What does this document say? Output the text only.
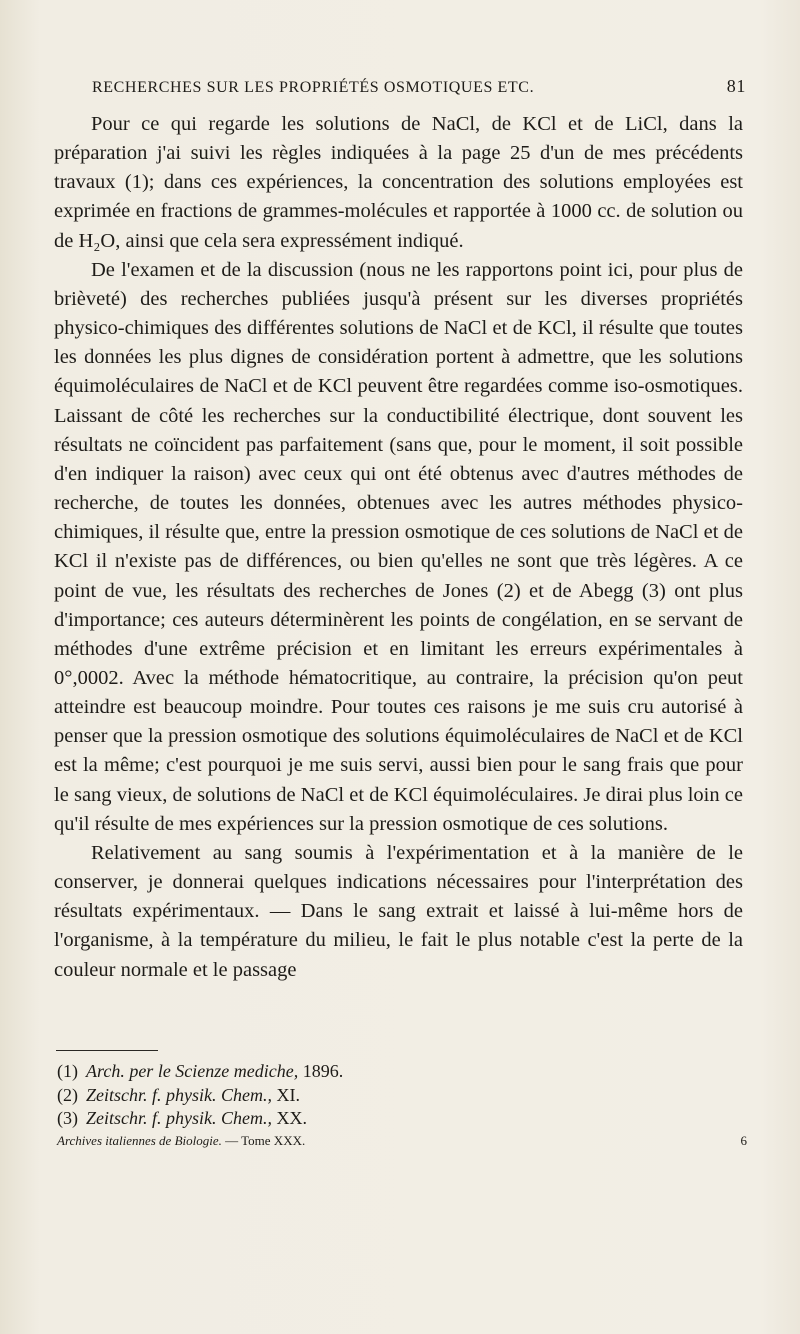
RECHERCHES SUR LES PROPRIÉTÉS OSMOTIQUES ETC.	81

Pour ce qui regarde les solutions de NaCl, de KCl et de LiCl, dans la préparation j'ai suivi les règles indiquées à la page 25 d'un de mes précédents travaux (1); dans ces expériences, la concentration des solutions employées est exprimée en fractions de grammes-molécules et rapportée à 1000 cc. de solution ou de H₂O, ainsi que cela sera expressément indiqué.

De l'examen et de la discussion (nous ne les rapportons point ici, pour plus de brièveté) des recherches publiées jusqu'à présent sur les diverses propriétés physico-chimiques des différentes solutions de NaCl et de KCl, il résulte que toutes les données les plus dignes de considération portent à admettre, que les solutions équimoléculaires de NaCl et de KCl peuvent être regardées comme iso-osmotiques. Laissant de côté les recherches sur la conductibilité électrique, dont souvent les résultats ne coïncident pas parfaitement (sans que, pour le moment, il soit possible d'en indiquer la raison) avec ceux qui ont été obtenus avec d'autres méthodes de recherche, de toutes les données, obtenues avec les autres méthodes physico-chimiques, il résulte que, entre la pression osmotique de ces solutions de NaCl et de KCl il n'existe pas de différences, ou bien qu'elles ne sont que très légères. A ce point de vue, les résultats des recherches de Jones (2) et de Abegg (3) ont plus d'importance; ces auteurs déterminèrent les points de congélation, en se servant de méthodes d'une extrême précision et en limitant les erreurs expérimentales à 0°,0002. Avec la méthode hématocritique, au contraire, la précision qu'on peut atteindre est beaucoup moindre. Pour toutes ces raisons je me suis cru autorisé à penser que la pression osmotique des solutions équimoléculaires de NaCl et de KCl est la même; c'est pourquoi je me suis servi, aussi bien pour le sang frais que pour le sang vieux, de solutions de NaCl et de KCl équimoléculaires. Je dirai plus loin ce qu'il résulte de mes expériences sur la pression osmotique de ces solutions.

Relativement au sang soumis à l'expérimentation et à la manière de le conserver, je donnerai quelques indications nécessaires pour l'interprétation des résultats expérimentaux. — Dans le sang extrait et laissé à lui-même hors de l'organisme, à la température du milieu, le fait le plus notable c'est la perte de la couleur normale et le passage

(1) Arch. per le Scienze mediche, 1896.
(2) Zeitschr. f. physik. Chem., XI.
(3) Zeitschr. f. physik. Chem., XX.
Archives italiennes de Biologie. — Tome XXX.	6
